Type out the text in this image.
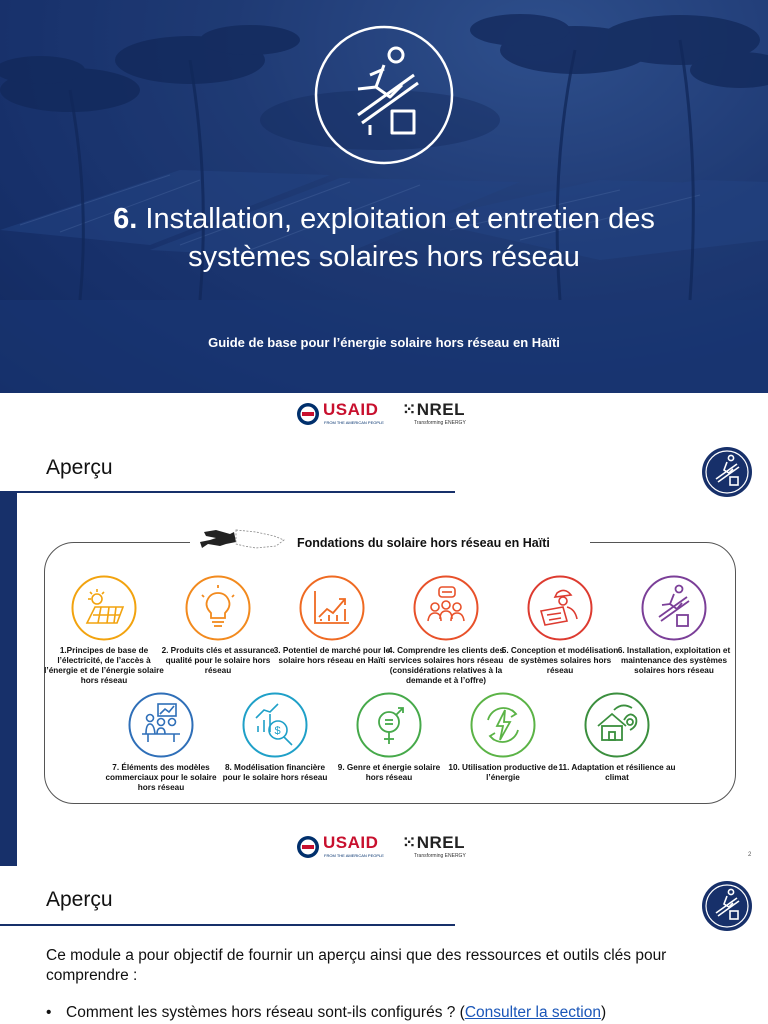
6. Installation, exploitation et entretien des
systèmes solaires hors réseau
Guide de base pour l’énergie solaire hors réseau en Haïti
USAID
FROM THE AMERICAN PEOPLE
⁙NREL
Transforming ENERGY
Aperçu
Fondations du solaire hors réseau en Haïti
1.Principes de base de l’électricité, de l’accès à l’énergie et de l’énergie solaire hors réseau
2. Produits clés et assurance qualité pour le solaire hors réseau
3. Potentiel de marché pour le solaire hors réseau en Haïti
4. Comprendre les clients des services solaires hors réseau (considérations relatives à la demande et à l’offre)
5. Conception et modélisation de systèmes solaires hors réseau
6. Installation, exploitation et maintenance des systèmes solaires hors réseau
$
7. Éléments des modèles commerciaux pour le solaire hors réseau
8. Modélisation financière pour le solaire hors réseau
9. Genre et énergie solaire hors réseau
10. Utilisation productive de l’énergie
11. Adaptation et résilience au climat
USAID
FROM THE AMERICAN PEOPLE
⁙NREL
Transforming ENERGY	2
Aperçu
Ce module a pour objectif de fournir un aperçu ainsi que des ressources et outils clés pour comprendre :
• Comment les systèmes hors réseau sont-ils configurés ? (Consulter la section)
